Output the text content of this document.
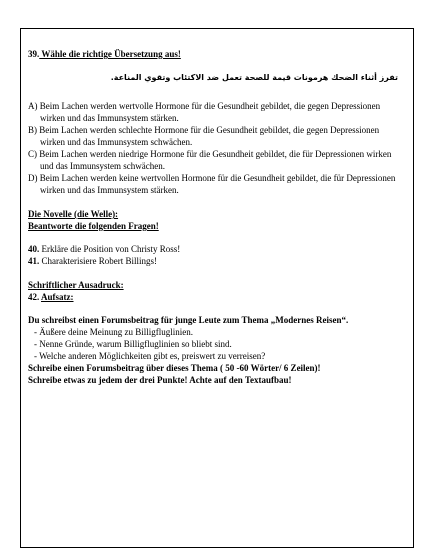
39. Wähle die richtige Übersetzung aus!
تفرز أثناء الضحك هرمونات قيمة للصحة تعمل ضد الاكتئاب وتقوي المناعة.

A) Beim Lachen werden wertvolle Hormone für die Gesundheit gebildet, die gegen Depressionen wirken und das Immunsystem stärken.

B) Beim Lachen werden schlechte Hormone für die Gesundheit gebildet, die gegen Depressionen wirken und das Immunsystem schwächen.

C) Beim Lachen werden niedrige Hormone für die Gesundheit gebildet, die für Depressionen wirken und das Immunsystem schwächen.

D) Beim Lachen werden keine wertvollen Hormone für die Gesundheit gebildet, die für Depressionen wirken und das Immunsystem stärken.

Die Novelle (die Welle):
Beantworte die folgenden Fragen!
40. Erkläre die Position von Christy Ross!
41. Charakterisiere Robert Billings!
Schriftlicher Ausadruck:
42. Aufsatz:
Du schreibst einen Forumsbeitrag für junge Leute zum Thema „Modernes Reisen“.
- Äußere deine Meinung zu Billigfluglinien.
- Nenne Gründe, warum Billigfluglinien so bliebt sind.
- Welche anderen Möglichkeiten gibt es, preiswert zu verreisen?
Schreibe einen Forumsbeitrag über dieses Thema ( 50 -60 Wörter/ 6 Zeilen)!
Schreibe etwas zu jedem der drei Punkte! Achte auf den Textaufbau!
